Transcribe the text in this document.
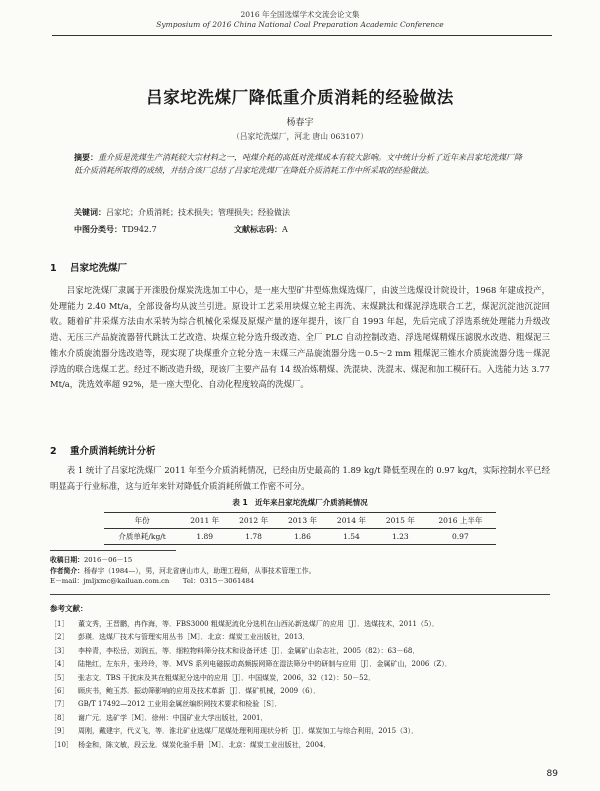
2016 年全国选煤学术交流会论文集
Symposium of 2016 China National Coal Preparation Academic Conference
吕家坨洗煤厂降低重介质消耗的经验做法
杨春宇
（吕家坨洗煤厂，河北 唐山 063107）
摘要：重介质是洗煤生产消耗较大宗材料之一，吨煤介耗的高低对洗煤成本有较大影响。文中统计分析了近年来吕家坨洗煤厂降低介质消耗所取得的成绩，并结合该厂总结了吕家坨洗煤厂在降低介质消耗工作中所采取的经验做法。
关键词：吕家坨；介质消耗；技术损失；管理损失；经验做法
中图分类号：TD942.7	文献标志码：A
1 吕家坨洗煤厂
吕家坨洗煤厂隶属于开滦股份煤炭洗选加工中心，是一座大型矿井型炼焦煤选煤厂，由波兰选煤设计院设计，1968 年建成投产，处理能力 2.40 Mt/a，全部设备均从波兰引进。原设计工艺采用块煤立轮主再洗、末煤跳汰和煤泥浮选联合工艺，煤泥沉淀池沉淀回收。随着矿井采煤方法由水采转为综合机械化采煤及原煤产量的逐年提升，该厂自 1993 年起，先后完成了浮选系统处理能力升级改造、无压三产品旋流器替代跳汰工艺改造、块煤立轮分选升级改造、全厂 PLC 自动控制改造、浮选尾煤精煤压滤脱水改造、粗煤泥三锥水介质旋流器分选改造等，现实现了块煤重介立轮分选－末煤三产品旋流器分选－0.5～2 mm 粗煤泥三锥水介质旋流器分选－煤泥浮选的联合选煤工艺。经过不断改造升级，现该厂主要产品有 14 级冶炼精煤、洗混块、洗混末、煤泥和加工模矸石。入选能力达 3.77 Mt/a，洗选效率超 92%，是一座大型化、自动化程度较高的洗煤厂。
2 重介质消耗统计分析
表 1 统计了吕家坨洗煤厂 2011 年至今介质消耗情况，已经由历史最高的 1.89 kg/t 降低至现在的 0.97 kg/t，实际控制水平已经明显高于行业标准，这与近年来针对降低介质消耗所做工作密不可分。
表 1　近年来吕家坨洗煤厂介质消耗情况
年份	2011 年	2012 年	2013 年	2014 年	2015 年	2016 上半年
介质单耗/kg/t	1.89	1.78	1.86	1.54	1.23	0.97
收稿日期：2016－06－15
作者简介：杨春宇（1984—），男，河北省唐山市人，助理工程师，从事技术管理工作。
E－mail：jmljxmc@kailuan.com.cn　　Tel：0315－3061484
参考文献：
［1］	董文秀，王晋鹏，冉作海，等．FBS3000 粗煤泥流化分选机在山西沁新选煤厂的应用［J］．选煤技术，2011（5）．
［2］	彭瑛．选煤厂技术与管理实用丛书［M］．北京：煤炭工业出版社，2013．
［3］	李梓青，李松岳，刘润五，等．细粒物料筛分技术和设备评述［J］．金属矿山杂志社，2005（82）：63－68．
［4］	陆艳红，左东升，张玲玲，等．MVS 系列电磁振动高频振网筛在湿法筛分中的研制与应用［J］．金属矿山，2006（Z）．
［5］	张志文．TBS 干扰床及其在粗煤泥分选中的应用［J］．中国煤炭，2006，32（12）：50－52．
［6］	顾庆书，鲍玉苏．振动筛影响的应用及技术革新［J］．煤矿机械，2009（6）．
［7］	GB/T 17492—2012 工业用金属丝编织网技术要求和检验［S］．
［8］	谢广元．选矿学［M］．徐州：中国矿业大学出版社，2001．
［9］	周刚，戴建宇，代义飞，等．淮北矿业选煤厂尾煤处理利用现状分析［J］．煤炭加工与综合利用，2015（3）．
［10］ 杨金和，陈文敏，段云龙．煤炭化验手册［M］．北京：煤炭工业出版社，2004．
89
